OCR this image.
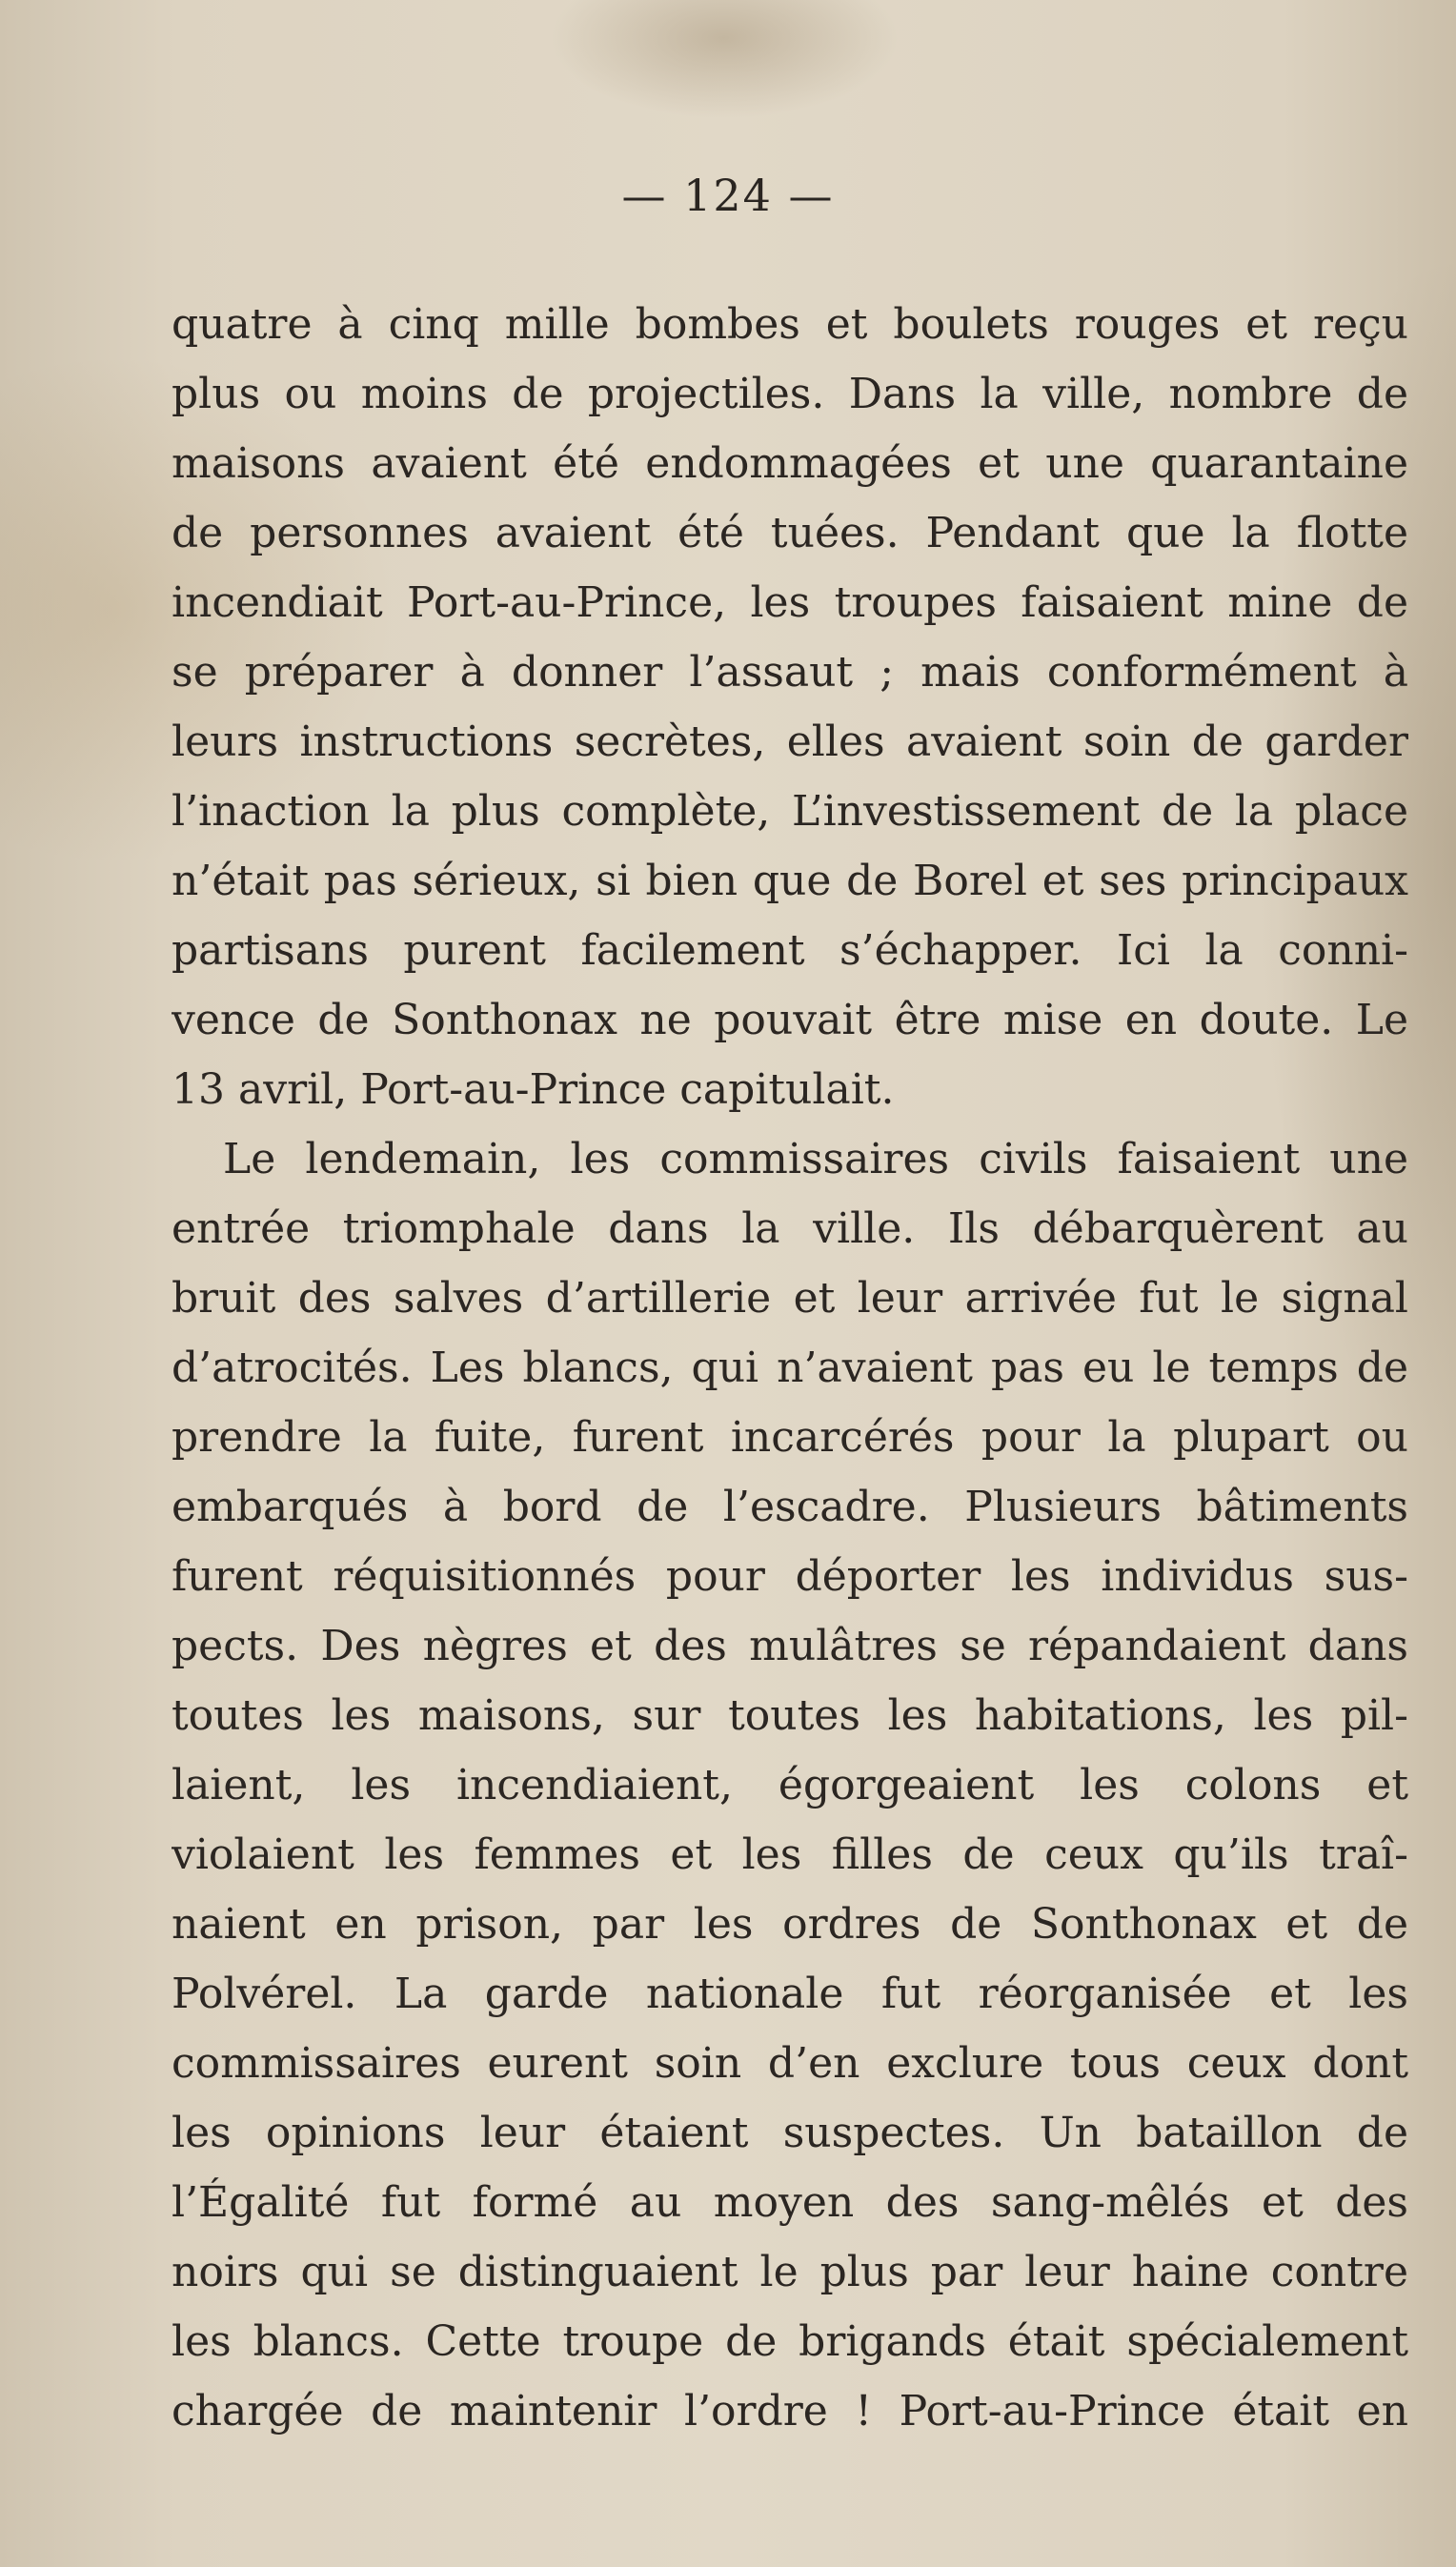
— 124 —
quatre à cinq mille bombes et boulets rouges et reçu
plus ou moins de projectiles. Dans la ville, nombre de
maisons avaient été endommagées et une quarantaine
de personnes avaient été tuées. Pendant que la flotte
incendiait Port-au-Prince, les troupes faisaient mine de
se préparer à donner l’assaut ; mais conformément à
leurs instructions secrètes, elles avaient soin de garder
l’inaction la plus complète, L’investissement de la place
n’était pas sérieux, si bien que de Borel et ses principaux
partisans purent facilement s’échapper. Ici la conni-
vence de Sonthonax ne pouvait être mise en doute. Le
13 avril, Port-au-Prince capitulait.
Le lendemain, les commissaires civils faisaient une
entrée triomphale dans la ville. Ils débarquèrent au
bruit des salves d’artillerie et leur arrivée fut le signal
d’atrocités. Les blancs, qui n’avaient pas eu le temps de
prendre la fuite, furent incarcérés pour la plupart ou
embarqués à bord de l’escadre. Plusieurs bâtiments
furent réquisitionnés pour déporter les individus sus-
pects. Des nègres et des mulâtres se répandaient dans
toutes les maisons, sur toutes les habitations, les pil-
laient, les incendiaient, égorgeaient les colons et
violaient les femmes et les filles de ceux qu’ils traî-
naient en prison, par les ordres de Sonthonax et de
Polvérel. La garde nationale fut réorganisée et les
commissaires eurent soin d’en exclure tous ceux dont
les opinions leur étaient suspectes. Un bataillon de
l’Égalité fut formé au moyen des sang-mêlés et des
noirs qui se distinguaient le plus par leur haine contre
les blancs. Cette troupe de brigands était spécialement
chargée de maintenir l’ordre ! Port-au-Prince était en
